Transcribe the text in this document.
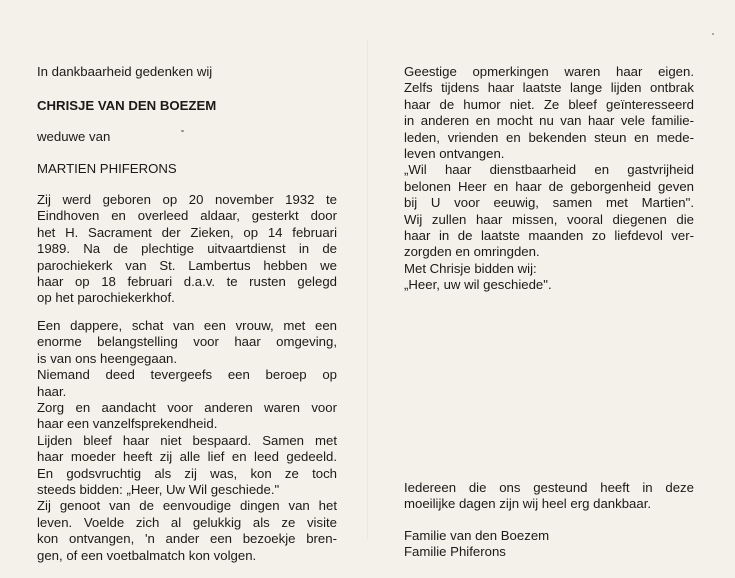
In dankbaarheid gedenken wij
CHRISJE VAN DEN BOEZEM
weduwe van
MARTIEN PHIFERONS
Zij werd geboren op 20 november 1932 te
Eindhoven en overleed aldaar, gesterkt door
het H. Sacrament der Zieken, op 14 februari
1989. Na de plechtige uitvaartdienst in de
parochiekerk van St. Lambertus hebben we
haar op 18 februari d.a.v. te rusten gelegd
op het parochiekerkhof.
Een dappere, schat van een vrouw, met een
enorme belangstelling voor haar omgeving,
is van ons heengegaan.
Niemand deed tevergeefs een beroep op
haar.
Zorg en aandacht voor anderen waren voor
haar een vanzelfsprekendheid.
Lijden bleef haar niet bespaard. Samen met
haar moeder heeft zij alle lief en leed gedeeld.
En godsvruchtig als zij was, kon ze toch
steeds bidden: „Heer, Uw Wil geschiede."
Zij genoot van de eenvoudige dingen van het
leven. Voelde zich al gelukkig als ze visite
kon ontvangen, 'n ander een bezoekje bren-
gen, of een voetbalmatch kon volgen.
Geestige opmerkingen waren haar eigen.
Zelfs tijdens haar laatste lange lijden ontbrak
haar de humor niet. Ze bleef geïnteresseerd
in anderen en mocht nu van haar vele familie-
leden, vrienden en bekenden steun en mede-
leven ontvangen.
„Wil haar dienstbaarheid en gastvrijheid
belonen Heer en haar de geborgenheid geven
bij U voor eeuwig, samen met Martien".
Wij zullen haar missen, vooral diegenen die
haar in de laatste maanden zo liefdevol ver-
zorgden en omringden.
Met Chrisje bidden wij:
„Heer, uw wil geschiede".
Iedereen die ons gesteund heeft in deze
moeilijke dagen zijn wij heel erg dankbaar.
Familie van den Boezem
Familie Phiferons
